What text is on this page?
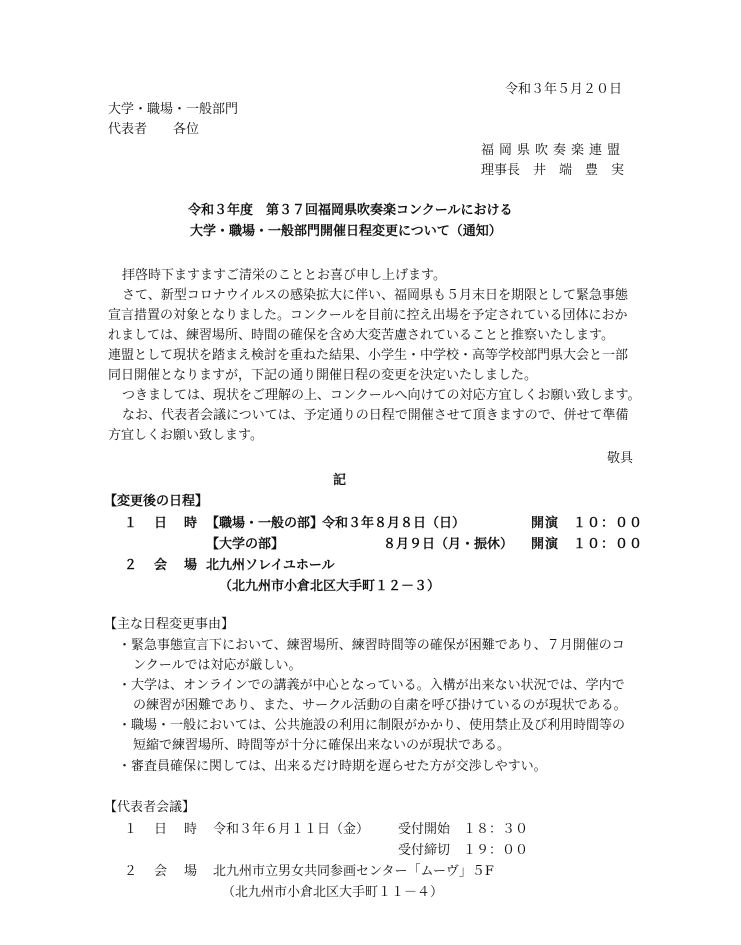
令和３年５月２０日
大学・職場・一般部門
代表者　　各位
福岡県吹奏楽連盟
理事長　井　端　豊　実
令和３年度　第３７回福岡県吹奏楽コンクールにおける
大学・職場・一般部門開催日程変更について（通知）
拝啓時下ますますご清栄のこととお喜び申し上げます。
さて、新型コロナウイルスの感染拡大に伴い、福岡県も５月末日を期限として緊急事態
宣言措置の対象となりました。コンクールを目前に控え出場を予定されている団体におか
れましては、練習場所、時間の確保を含め大変苦慮されていることと推察いたします。
連盟として現状を踏まえ検討を重ねた結果、小学生・中学校・高等学校部門県大会と一部
同日開催となりますが，下記の通り開催日程の変更を決定いたしました。
つきましては、現状をご理解の上、コンクールへ向けての対応方宜しくお願い致します。
なお、代表者会議については、予定通りの日程で開催させて頂きますので、併せて準備
方宜しくお願い致します。
敬具
記
【変更後の日程】
１　日　時 【職場・一般の部】
令和３年８月８日（日）	開演　１０：００
【大学の部】	８月９日（月・振休） 開演　１０：００
２　会　場 北九州ソレイユホール
（北九州市小倉北区大手町１２－３）
【主な日程変更事由】
・緊急事態宣言下において、練習場所、練習時間等の確保が困難であり、７月開催のコ
ンクールでは対応が厳しい。
・大学は、オンラインでの講義が中心となっている。入構が出来ない状況では、学内で
の練習が困難であり、また、サークル活動の自粛を呼び掛けているのが現状である。
・職場・一般においては、公共施設の利用に制限がかかり、使用禁止及び利用時間等の
短縮で練習場所、時間等が十分に確保出来ないのが現状である。
・審査員確保に関しては、出来るだけ時期を遅らせた方が交渉しやすい。
【代表者会議】
１　日　時 令和３年６月１１日（金） 受付開始　１８：３０
受付締切　１９：００
２　会　場 北九州市立男女共同参画センター「ムーヴ」５F
（北九州市小倉北区大手町１１－４）
